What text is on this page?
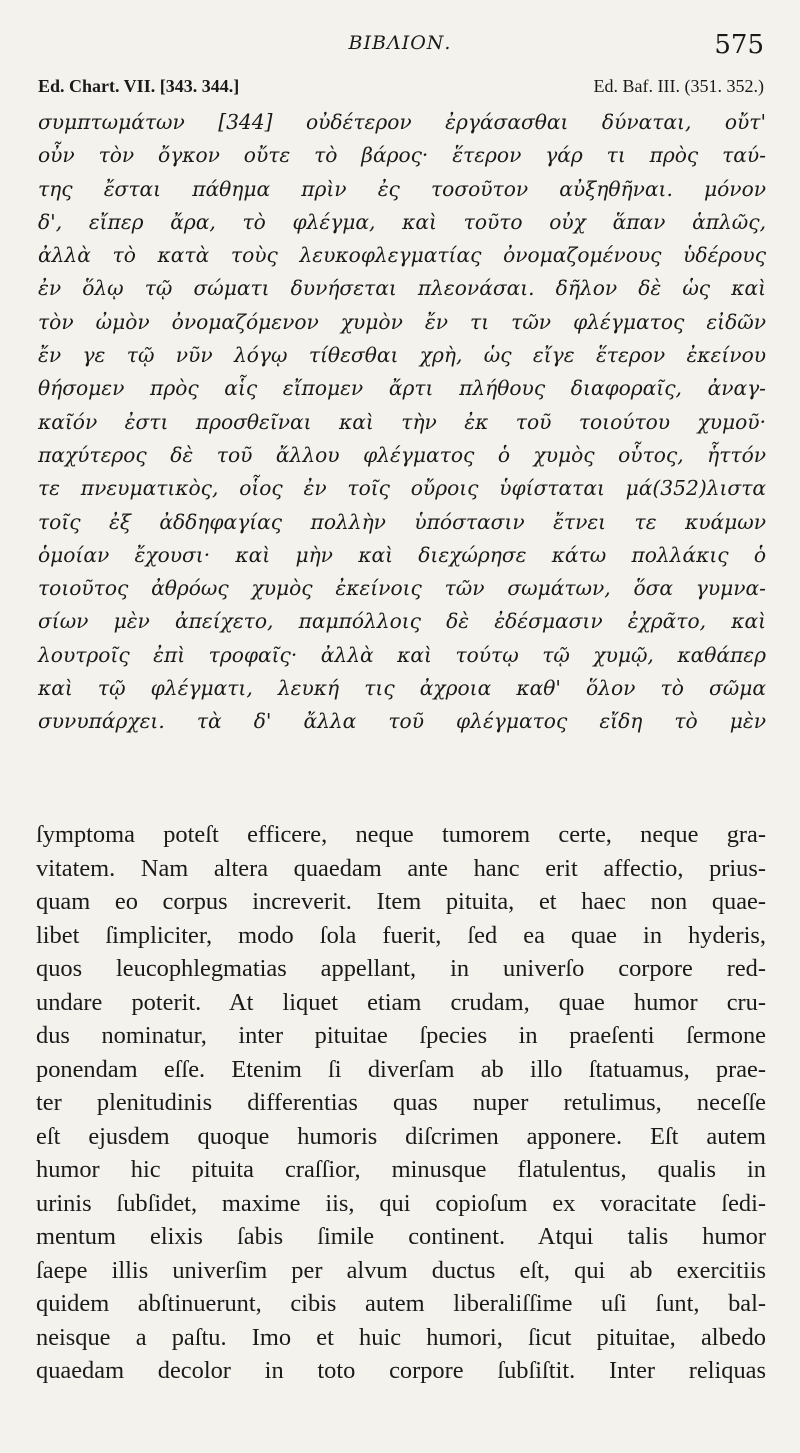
BIBΛΙΟΝ.	575
Ed. Chart. VII. [343. 344.]	Ed. Baf. III. (351. 352.)
συμπτωμάτων [344] οὐδέτερον ἐργάσασθαι δύναται, οὔτ'
οὖν τὸν ὄγκον οὔτε τὸ βάρος· ἕτερον γάρ τι πρὸς ταύ-
της ἔσται πάθημα πρὶν ἐς τοσοῦτον αὐξηθῆναι. μόνον
δ', εἴπερ ἄρα, τὸ φλέγμα, καὶ τοῦτο οὐχ ἅπαν ἁπλῶς,
ἀλλὰ τὸ κατὰ τοὺς λευκοφλεγματίας ὀνομαζομένους ὑδέρους
ἐν ὅλῳ τῷ σώματι δυνήσεται πλεονάσαι. δῆλον δὲ ὡς καὶ
τὸν ὠμὸν ὀνομαζόμενον χυμὸν ἔν τι τῶν φλέγματος εἰδῶν
ἔν γε τῷ νῦν λόγῳ τίθεσθαι χρὴ, ὡς εἴγε ἕτερον ἐκείνου
θήσομεν πρὸς αἷς εἴπομεν ἄρτι πλήθους διαφοραῖς, ἀναγ-
καῖόν ἐστι προσθεῖναι καὶ τὴν ἐκ τοῦ τοιούτου χυμοῦ·
παχύτερος δὲ τοῦ ἄλλου φλέγματος ὁ χυμὸς οὗτος, ἧττόν
τε πνευματικὸς, οἷος ἐν τοῖς οὔροις ὑφίσταται μά(352)λιστα
τοῖς ἐξ ἀδδηφαγίας πολλὴν ὑπόστασιν ἔτνει τε κυάμων
ὁμοίαν ἔχουσι· καὶ μὴν καὶ διεχώρησε κάτω πολλάκις ὁ
τοιοῦτος ἀθρόως χυμὸς ἐκείνοις τῶν σωμάτων, ὅσα γυμνα-
σίων μὲν ἀπείχετο, παμπόλλοις δὲ ἐδέσμασιν ἐχρᾶτο, καὶ
λουτροῖς ἐπὶ τροφαῖς· ἀλλὰ καὶ τούτῳ τῷ χυμῷ, καθάπερ
καὶ τῷ φλέγματι, λευκή τις ἀχροια καθ' ὅλον τὸ σῶμα
συνυπάρχει. τὰ δ' ἄλλα τοῦ φλέγματος εἴδη τὸ μὲν
ſymptoma poteſt efficere, neque tumorem certe, neque gra-
vitatem. Nam altera quaedam ante hanc erit affectio, prius-
quam eo corpus increverit. Item pituita, et haec non quae-
libet ſimpliciter, modo ſola fuerit, ſed ea quae in hyderis,
quos leucophlegmatias appellant, in univerſo corpore red-
undare poterit. At liquet etiam crudam, quae humor cru-
dus nominatur, inter pituitae ſpecies in praeſenti ſermone
ponendam eſſe. Etenim ſi diverſam ab illo ſtatuamus, prae-
ter plenitudinis differentias quas nuper retulimus, neceſſe
eſt ejusdem quoque humoris diſcrimen apponere. Eſt autem
humor hic pituita craſſior, minusque flatulentus, qualis in
urinis ſubſidet, maxime iis, qui copioſum ex voracitate ſedi-
mentum elixis ſabis ſimile continent. Atqui talis humor
ſaepe illis univerſim per alvum ductus eſt, qui ab exercitiis
quidem abſtinuerunt, cibis autem liberaliſſime uſi ſunt, bal-
neisque a paſtu. Imo et huic humori, ſicut pituitae, albedo
quaedam decolor in toto corpore ſubſiſtit. Inter reliquas
